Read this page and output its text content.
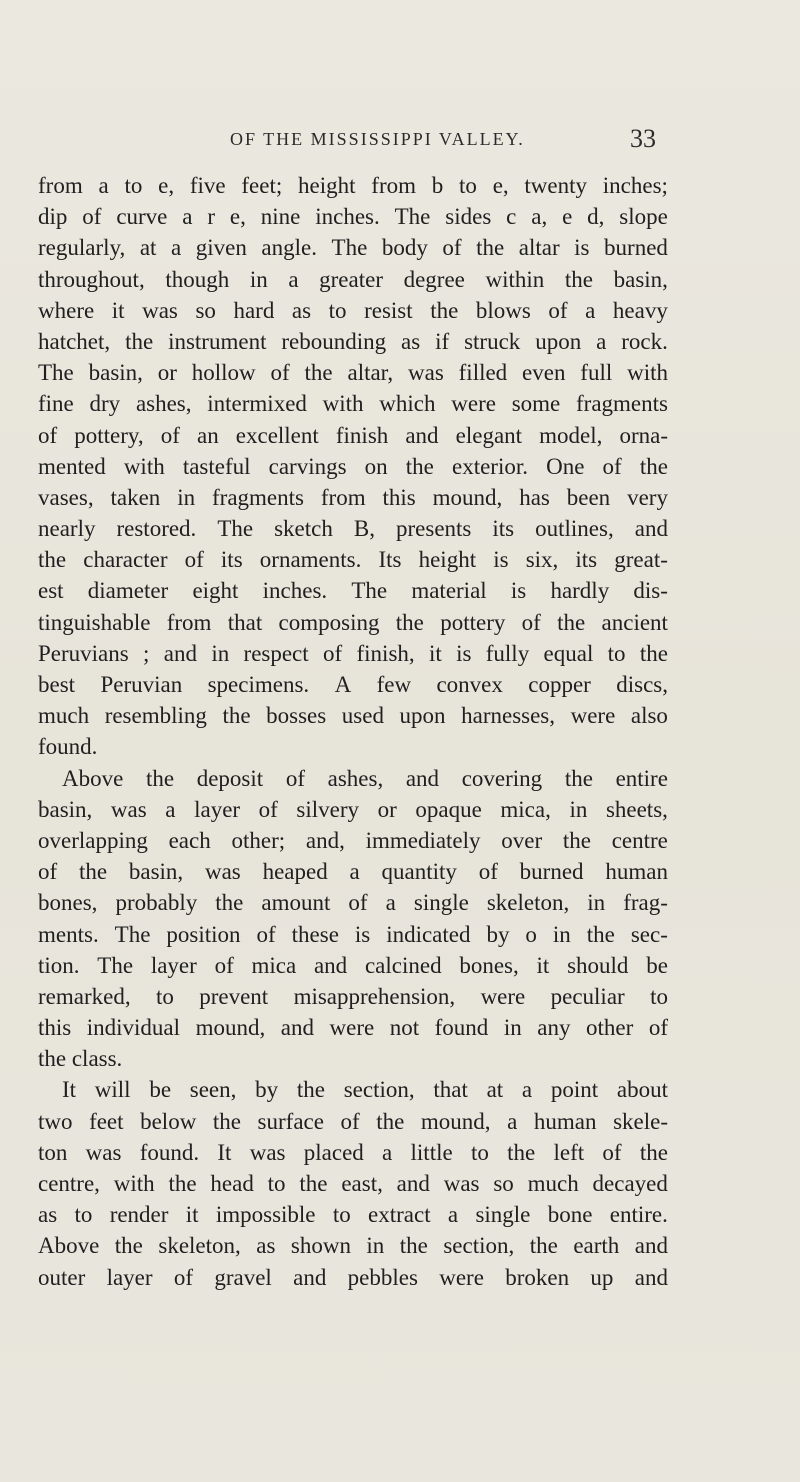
OF THE MISSISSIPPI VALLEY.	33
from a to e, five feet; height from b to e, twenty inches;
dip of curve a r e, nine inches. The sides c a, e d, slope
regularly, at a given angle. The body of the altar is burned
throughout, though in a greater degree within the basin,
where it was so hard as to resist the blows of a heavy
hatchet, the instrument rebounding as if struck upon a rock.
The basin, or hollow of the altar, was filled even full with
fine dry ashes, intermixed with which were some fragments
of pottery, of an excellent finish and elegant model, orna-
mented with tasteful carvings on the exterior. One of the
vases, taken in fragments from this mound, has been very
nearly restored. The sketch B, presents its outlines, and
the character of its ornaments. Its height is six, its great-
est diameter eight inches. The material is hardly dis-
tinguishable from that composing the pottery of the ancient
Peruvians ; and in respect of finish, it is fully equal to the
best Peruvian specimens. A few convex copper discs,
much resembling the bosses used upon harnesses, were also
found.
Above the deposit of ashes, and covering the entire
basin, was a layer of silvery or opaque mica, in sheets,
overlapping each other; and, immediately over the centre
of the basin, was heaped a quantity of burned human
bones, probably the amount of a single skeleton, in frag-
ments. The position of these is indicated by o in the sec-
tion. The layer of mica and calcined bones, it should be
remarked, to prevent misapprehension, were peculiar to
this individual mound, and were not found in any other of
the class.
It will be seen, by the section, that at a point about
two feet below the surface of the mound, a human skele-
ton was found. It was placed a little to the left of the
centre, with the head to the east, and was so much decayed
as to render it impossible to extract a single bone entire.
Above the skeleton, as shown in the section, the earth and
outer layer of gravel and pebbles were broken up and
